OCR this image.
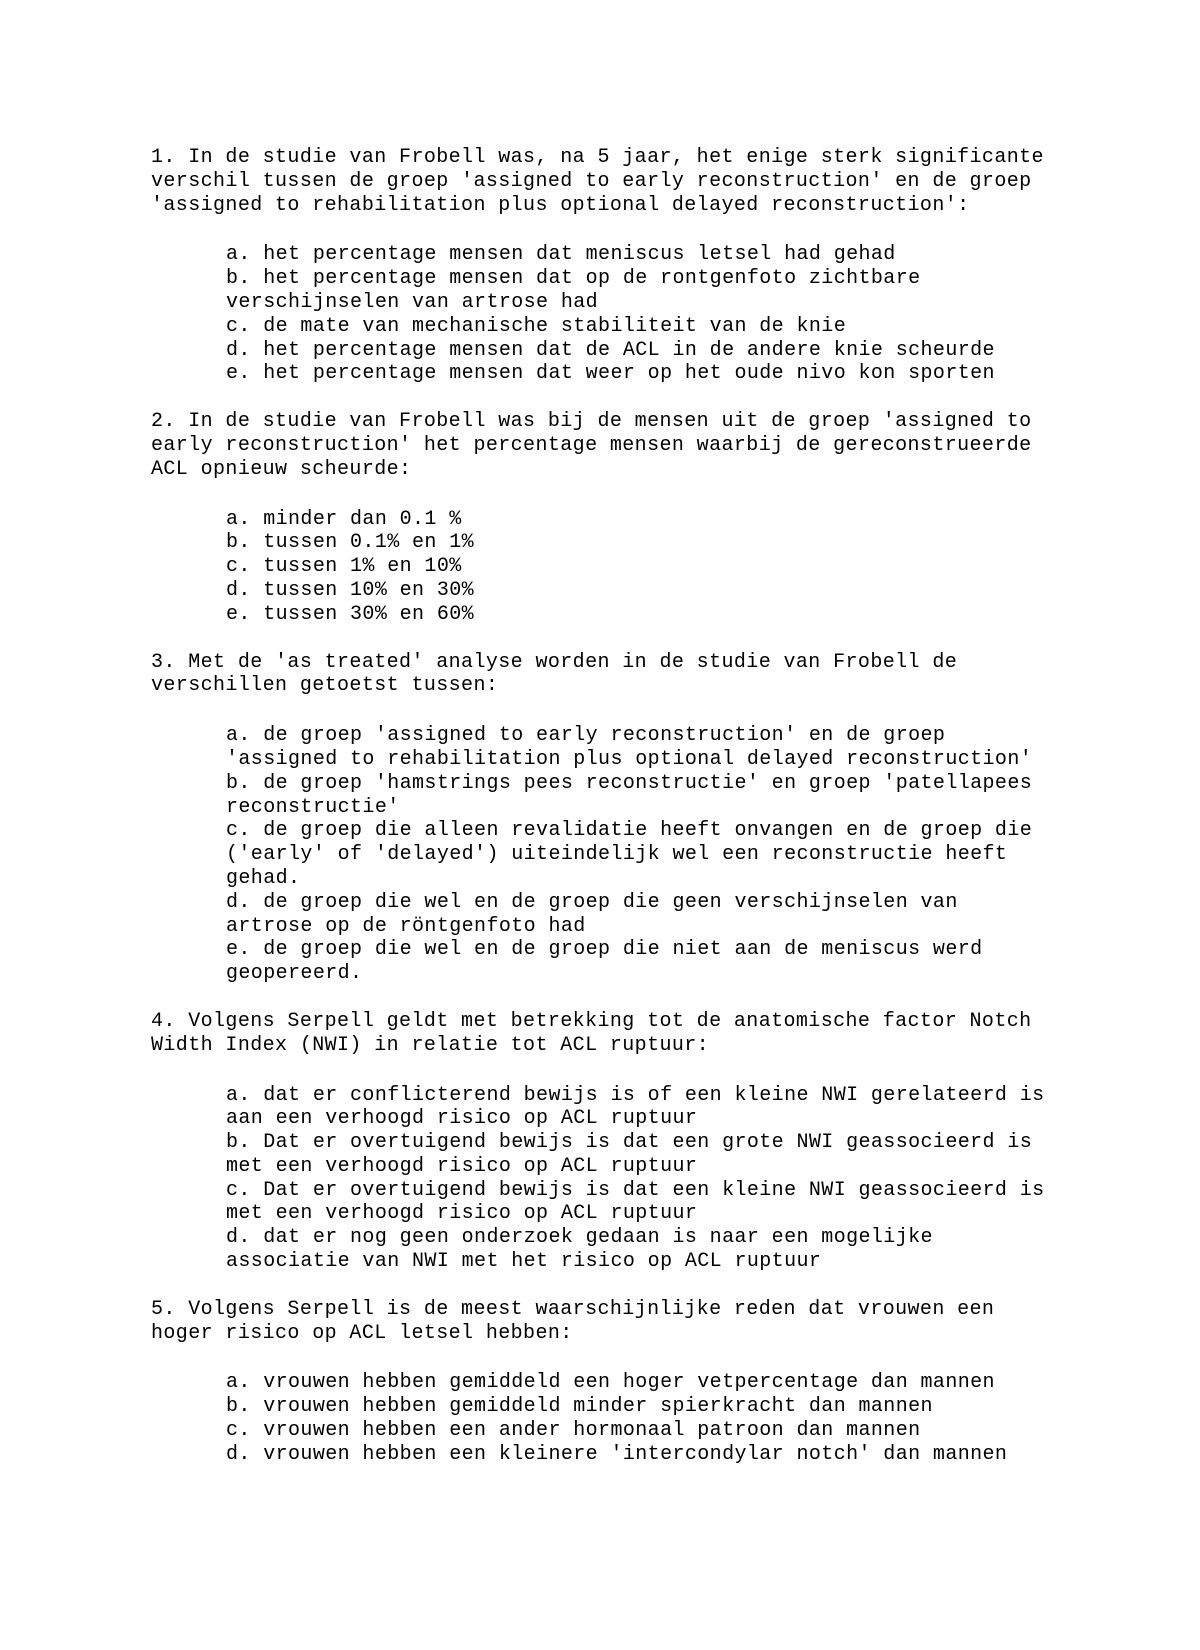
1. In de studie van Frobell was, na 5 jaar, het enige sterk significante
verschil tussen de groep 'assigned to early reconstruction' en de groep
'assigned to rehabilitation plus optional delayed reconstruction':
a. het percentage mensen dat meniscus letsel had gehad
b. het percentage mensen dat op de rontgenfoto zichtbare
verschijnselen van artrose had
c. de mate van mechanische stabiliteit van de knie
d. het percentage mensen dat de ACL in de andere knie scheurde
e. het percentage mensen dat weer op het oude nivo kon sporten
2. In de studie van Frobell was bij de mensen uit de groep 'assigned to
early reconstruction' het percentage mensen waarbij de gereconstrueerde
ACL opnieuw scheurde:
a. minder dan 0.1 %
b. tussen 0.1% en 1%
c. tussen 1% en 10%
d. tussen 10% en 30%
e. tussen 30% en 60%
3. Met de 'as treated' analyse worden in de studie van Frobell de
verschillen getoetst tussen:
a. de groep 'assigned to early reconstruction' en de groep
'assigned to rehabilitation plus optional delayed reconstruction'
b. de groep 'hamstrings pees reconstructie' en groep 'patellapees
reconstructie'
c. de groep die alleen revalidatie heeft onvangen en de groep die
('early' of 'delayed') uiteindelijk wel een reconstructie heeft
gehad.
d. de groep die wel en de groep die geen verschijnselen van
artrose op de röntgenfoto had
e. de groep die wel en de groep die niet aan de meniscus werd
geopereerd.
4. Volgens Serpell geldt met betrekking tot de anatomische factor Notch
Width Index (NWI) in relatie tot ACL ruptuur:
a. dat er conflicterend bewijs is of een kleine NWI gerelateerd is
aan een verhoogd risico op ACL ruptuur
b. Dat er overtuigend bewijs is dat een grote NWI geassocieerd is
met een verhoogd risico op ACL ruptuur
c. Dat er overtuigend bewijs is dat een kleine NWI geassocieerd is
met een verhoogd risico op ACL ruptuur
d. dat er nog geen onderzoek gedaan is naar een mogelijke
associatie van NWI met het risico op ACL ruptuur
5. Volgens Serpell is de meest waarschijnlijke reden dat vrouwen een
hoger risico op ACL letsel hebben:
a. vrouwen hebben gemiddeld een hoger vetpercentage dan mannen
b. vrouwen hebben gemiddeld minder spierkracht dan mannen
c. vrouwen hebben een ander hormonaal patroon dan mannen
d. vrouwen hebben een kleinere 'intercondylar notch' dan mannen
